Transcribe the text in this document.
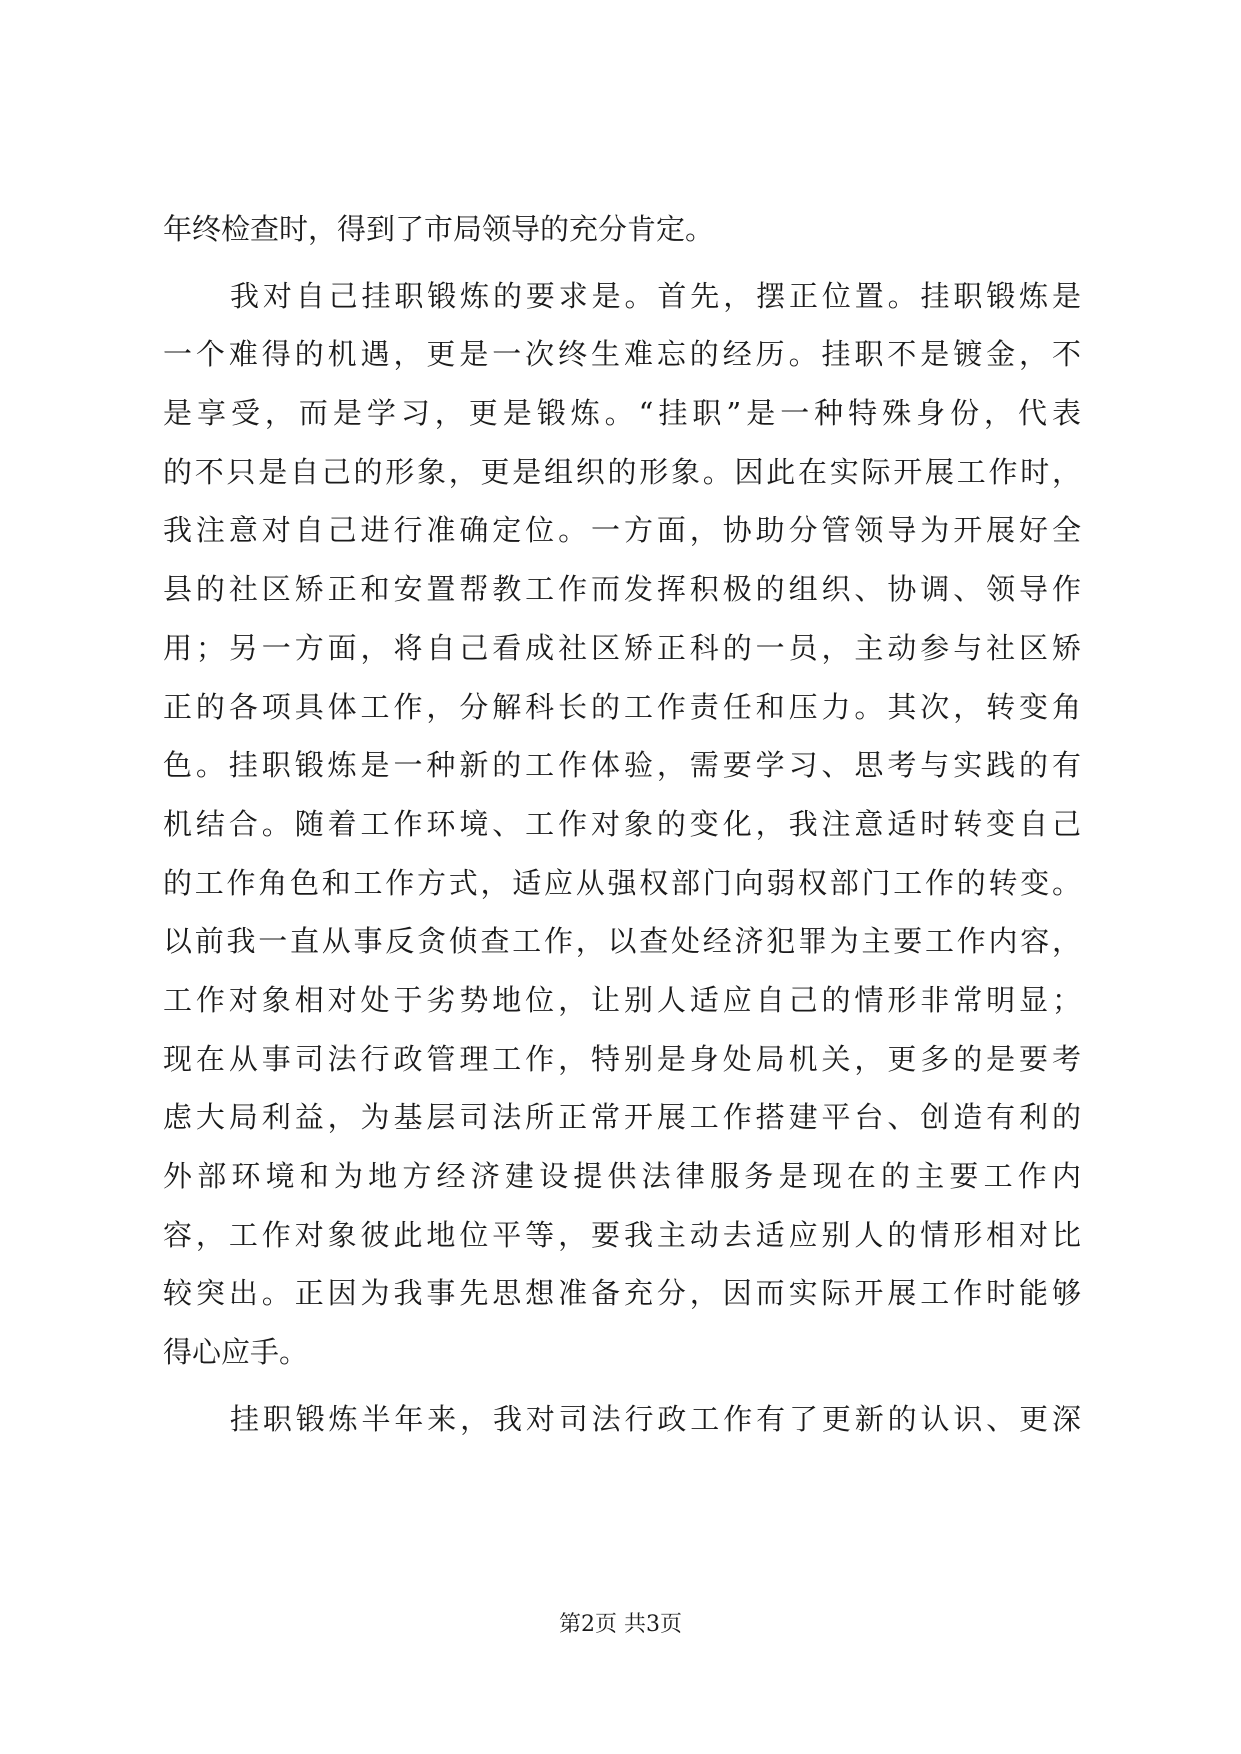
年终检查时，得到了市局领导的充分肯定。
我对自己挂职锻炼的要求是。首先，摆正位置。挂职锻炼是
一个难得的机遇，更是一次终生难忘的经历。挂职不是镀金，不
是享受，而是学习，更是锻炼。“挂职”是一种特殊身份，代表
的不只是自己的形象，更是组织的形象。因此在实际开展工作时，
我注意对自己进行准确定位。一方面，协助分管领导为开展好全
县的社区矫正和安置帮教工作而发挥积极的组织、协调、领导作
用；另一方面，将自己看成社区矫正科的一员，主动参与社区矫
正的各项具体工作，分解科长的工作责任和压力。其次，转变角
色。挂职锻炼是一种新的工作体验，需要学习、思考与实践的有
机结合。随着工作环境、工作对象的变化，我注意适时转变自己
的工作角色和工作方式，适应从强权部门向弱权部门工作的转变。
以前我一直从事反贪侦查工作，以查处经济犯罪为主要工作内容，
工作对象相对处于劣势地位，让别人适应自己的情形非常明显；
现在从事司法行政管理工作，特别是身处局机关，更多的是要考
虑大局利益，为基层司法所正常开展工作搭建平台、创造有利的
外部环境和为地方经济建设提供法律服务是现在的主要工作内
容，工作对象彼此地位平等，要我主动去适应别人的情形相对比
较突出。正因为我事先思想准备充分，因而实际开展工作时能够
得心应手。
挂职锻炼半年来，我对司法行政工作有了更新的认识、更深
第2页 共3页
